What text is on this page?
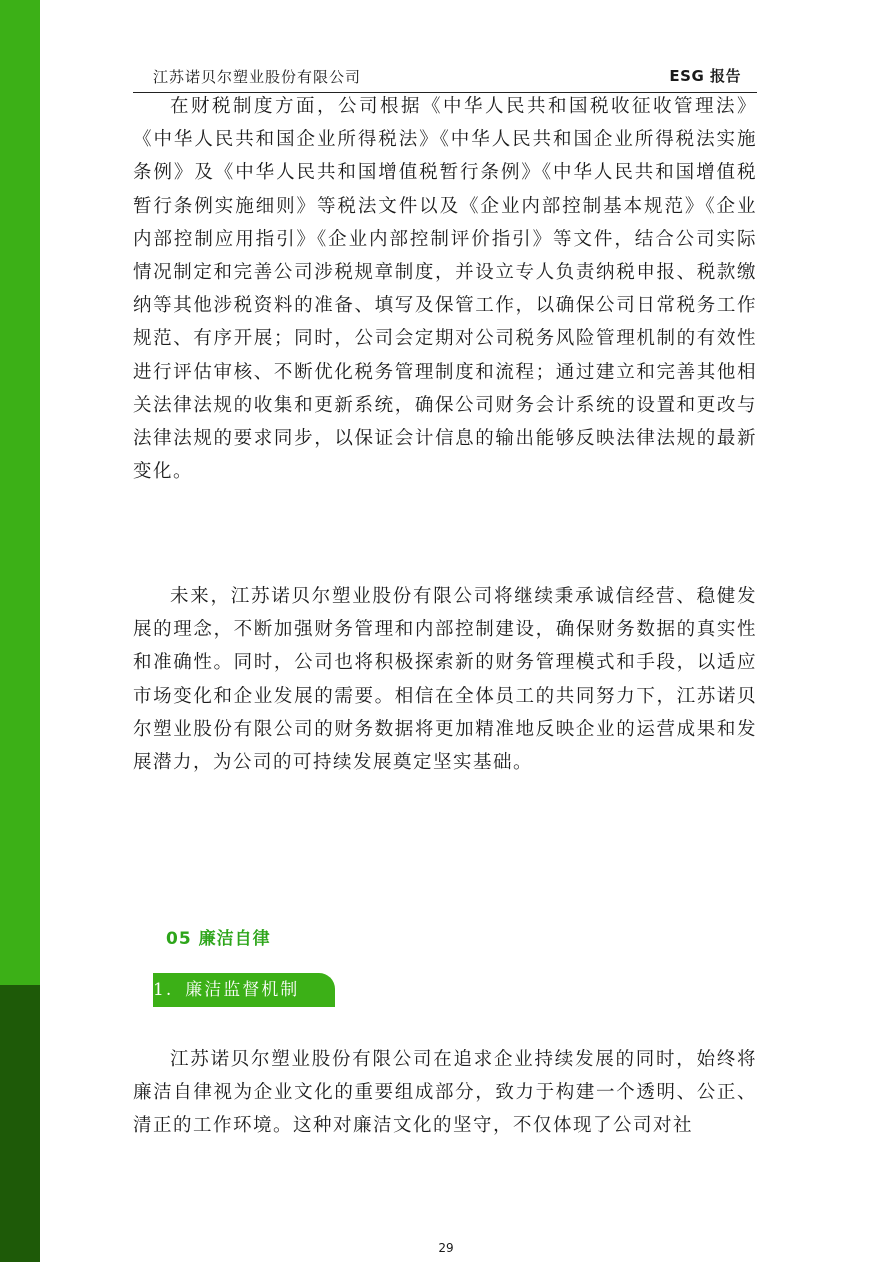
江苏诺贝尔塑业股份有限公司	ESG 报告

在财税制度方面，公司根据《中华人民共和国税收征收管理法》《中华人民共和国企业所得税法》《中华人民共和国企业所得税法实施条例》及《中华人民共和国增值税暂行条例》《中华人民共和国增值税暂行条例实施细则》等税法文件以及《企业内部控制基本规范》《企业内部控制应用指引》《企业内部控制评价指引》等文件，结合公司实际情况制定和完善公司涉税规章制度，并设立专人负责纳税申报、税款缴纳等其他涉税资料的准备、填写及保管工作，以确保公司日常税务工作规范、有序开展；同时，公司会定期对公司税务风险管理机制的有效性进行评估审核、不断优化税务管理制度和流程；通过建立和完善其他相关法律法规的收集和更新系统，确保公司财务会计系统的设置和更改与法律法规的要求同步，以保证会计信息的输出能够反映法律法规的最新变化。

未来，江苏诺贝尔塑业股份有限公司将继续秉承诚信经营、稳健发展的理念，不断加强财务管理和内部控制建设，确保财务数据的真实性和准确性。同时，公司也将积极探索新的财务管理模式和手段，以适应市场变化和企业发展的需要。相信在全体员工的共同努力下，江苏诺贝尔塑业股份有限公司的财务数据将更加精准地反映企业的运营成果和发展潜力，为公司的可持续发展奠定坚实基础。

05 廉洁自律
1. 廉洁监督机制

江苏诺贝尔塑业股份有限公司在追求企业持续发展的同时，始终将廉洁自律视为企业文化的重要组成部分，致力于构建一个透明、公正、清正的工作环境。这种对廉洁文化的坚守，不仅体现了公司对社

29
